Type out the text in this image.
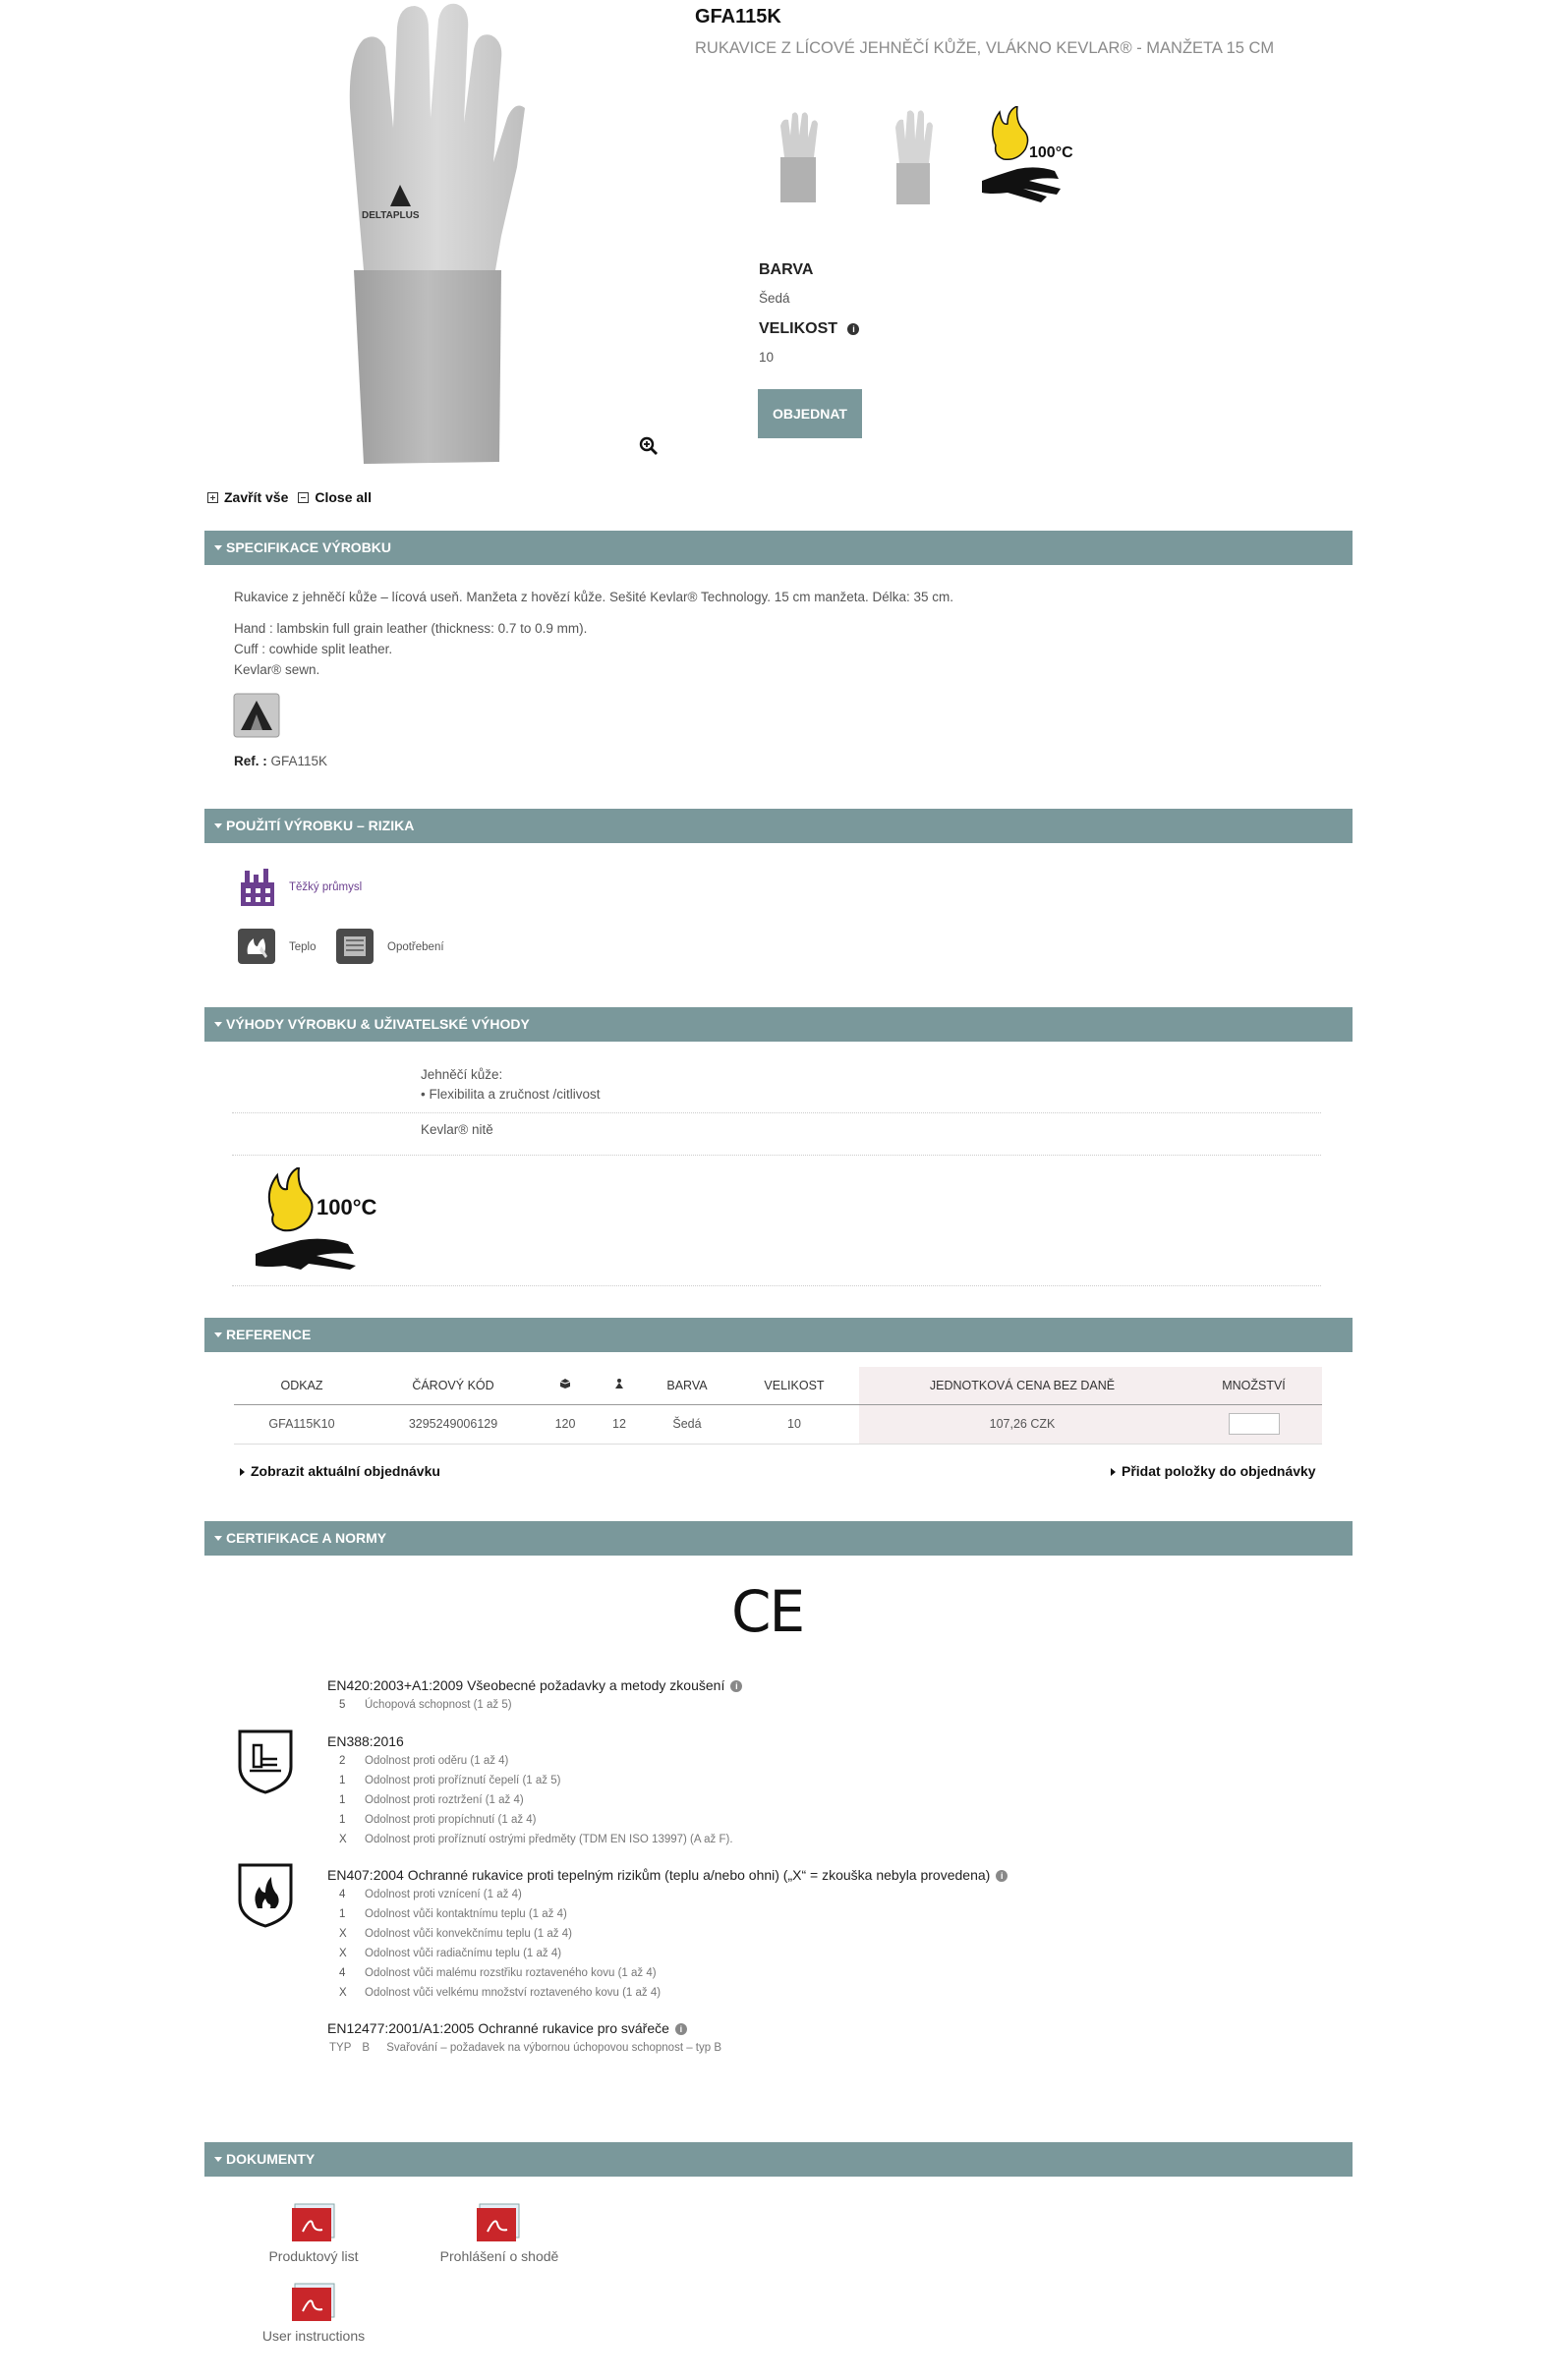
DELTAPLUS
GFA115K
RUKAVICE Z LÍCOVÉ JEHNĚČÍ KŮŽE, VLÁKNO KEVLAR® - MANŽETA 15 CM
100°C
BARVA
Šedá
VELIKOST i
10
OBJEDNAT
Zavřít vše Close all
SPECIFIKACE VÝROBKU
Rukavice z jehněčí kůže – lícová useň. Manžeta z hovězí kůže. Sešité Kevlar® Technology. 15 cm manžeta. Délka: 35 cm.
Hand : lambskin full grain leather (thickness: 0.7 to 0.9 mm).
Cuff : cowhide split leather.
Kevlar® sewn.
Ref. : GFA115K
POUŽITÍ VÝROBKU – RIZIKA
Těžký průmysl
Teplo	Opotřebení
VÝHODY VÝROBKU & UŽIVATELSKÉ VÝHODY
Jehněčí kůže:
• Flexibilita a zručnost /citlivost
Kevlar® nitě
100°C
REFERENCE
ODKAZ	ČÁROVÝ KÓD			BARVA	VELIKOST	JEDNOTKOVÁ CENA BEZ DANĚ	MNOŽSTVÍ
GFA115K10	3295249006129	120	12	Šedá	10	107,26 CZK	
Zobrazit aktuální objednávku	Přidat položky do objednávky
CERTIFIKACE A NORMY
CE
EN420:2003+A1:2009 Všeobecné požadavky a metody zkoušení i
5 Úchopová schopnost (1 až 5)
EN388:2016
2 Odolnost proti oděru (1 až 4)
1 Odolnost proti proříznutí čepelí (1 až 5)
1 Odolnost proti roztržení (1 až 4)
1 Odolnost proti propíchnutí (1 až 4)
X Odolnost proti proříznutí ostrými předměty (TDM EN ISO 13997) (A až F).
EN407:2004 Ochranné rukavice proti tepelným rizikům (teplu a/nebo ohni) („X“ = zkouška nebyla provedena) i
4 Odolnost proti vznícení (1 až 4)
1 Odolnost vůči kontaktnímu teplu (1 až 4)
X Odolnost vůči konvekčnímu teplu (1 až 4)
X Odolnost vůči radiačnímu teplu (1 až 4)
4 Odolnost vůči malému rozstřiku roztaveného kovu (1 až 4)
X Odolnost vůči velkému množství roztaveného kovu (1 až 4)
EN12477:2001/A1:2005 Ochranné rukavice pro svářeče i
TYP B Svařování – požadavek na výbornou úchopovou schopnost – typ B
DOKUMENTY
Produktový list	Prohlášení o shodě
User instructions
